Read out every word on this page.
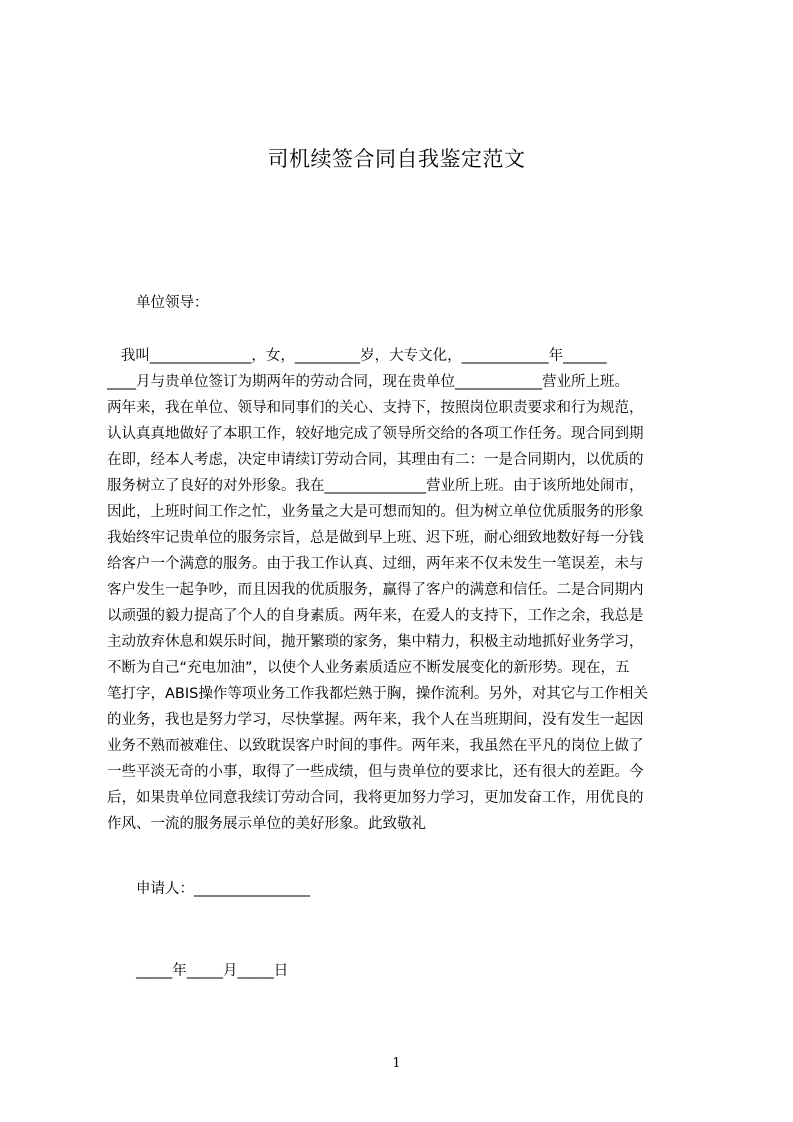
司机续签合同自我鉴定范文
单位领导：
我叫______________，女，_________岁，大专文化，____________年______
____月与贵单位签订为期两年的劳动合同，现在贵单位____________营业所上班。
两年来，我在单位、领导和同事们的关心、支持下，按照岗位职责要求和行为规范，
认认真真地做好了本职工作，较好地完成了领导所交给的各项工作任务。现合同到期
在即，经本人考虑，决定申请续订劳动合同，其理由有二：一是合同期内，以优质的
服务树立了良好的对外形象。我在______________营业所上班。由于该所地处闹市，
因此，上班时间工作之忙，业务量之大是可想而知的。但为树立单位优质服务的形象
我始终牢记贵单位的服务宗旨，总是做到早上班、迟下班，耐心细致地数好每一分钱
给客户一个满意的服务。由于我工作认真、过细，两年来不仅未发生一笔误差，未与
客户发生一起争吵，而且因我的优质服务，赢得了客户的满意和信任。二是合同期内
以顽强的毅力提高了个人的自身素质。两年来，在爱人的支持下，工作之余，我总是
主动放弃休息和娱乐时间，抛开繁琐的家务，集中精力，积极主动地抓好业务学习，
不断为自己“充电加油”，以使个人业务素质适应不断发展变化的新形势。现在，五
笔打字，ABIS操作等项业务工作我都烂熟于胸，操作流利。另外，对其它与工作相关
的业务，我也是努力学习，尽快掌握。两年来，我个人在当班期间，没有发生一起因
业务不熟而被难住、以致耽误客户时间的事件。两年来，我虽然在平凡的岗位上做了
一些平淡无奇的小事，取得了一些成绩，但与贵单位的要求比，还有很大的差距。今
后，如果贵单位同意我续订劳动合同，我将更加努力学习，更加发奋工作，用优良的
作风、一流的服务展示单位的美好形象。此致敬礼
申请人：________________
_____年_____月_____日
1
